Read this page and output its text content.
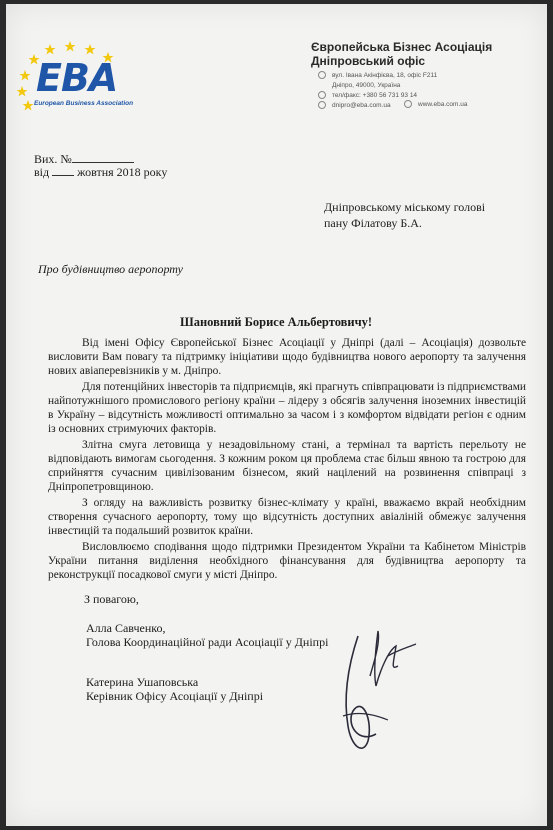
EBA
European Business Association
Європейська Бізнес Асоціація
Дніпровський офіс
вул. Івана Акінфієва, 18, офіс F211
Дніпро, 49000, Україна
тел/факс: +380 56 731 93 14
dnipro@eba.com.ua	www.eba.com.ua
Вих. №
від жовтня 2018 року
Дніпровському міському голові
пану Філатову Б.А.
Про будівництво аеропорту
Шановний Борисе Альбертовичу!

Від імені Офісу Європейської Бізнес Асоціації у Дніпрі (далі – Асоціація) дозвольте висловити Вам повагу та підтримку ініціативи щодо будівництва нового аеропорту та залучення нових авіаперевізників у м. Дніпро.

Для потенційних інвесторів та підприємців, які прагнуть співпрацювати із підприємствами найпотужнішого промислового регіону країни – лідеру з обсягів залучення іноземних інвестицій в Україну – відсутність можливості оптимально за часом і з комфортом відвідати регіон є одним із основних стримуючих факторів.

Злітна смуга летовища у незадовільному стані, а термінал та вартість перельоту не відповідають вимогам сьогодення. З кожним роком ця проблема стає більш явною та гострою для сприйняття сучасним цивілізованим бізнесом, який націлений на розвинення співпраці з Дніпропетровщиною.

З огляду на важливість розвитку бізнес-клімату у країні, вважаємо вкрай необхідним створення сучасного аеропорту, тому що відсутність доступних авіаліній обмежує залучення інвестицій та подальший розвиток країни.

Висловлюємо сподівання щодо підтримки Президентом України та Кабінетом Міністрів України питання виділення необхідного фінансування для будівництва аеропорту та реконструкції посадкової смуги у місті Дніпро.

З повагою,
Алла Савченко,
Голова Координаційної ради Асоціації у Дніпрі
Катерина Ушаповська
Керівник Офісу Асоціації у Дніпрі
